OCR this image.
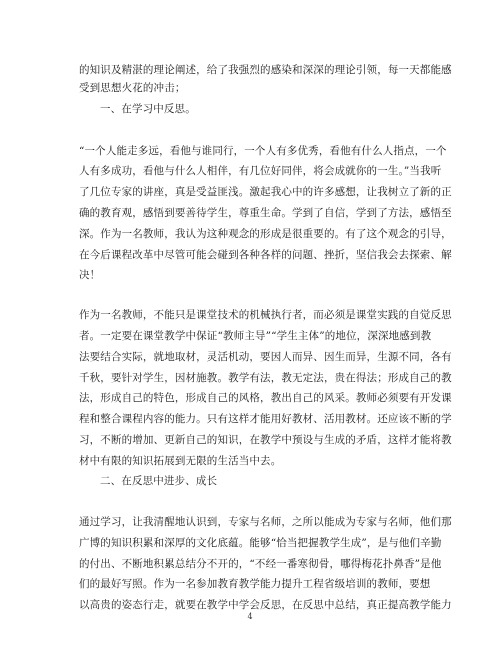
的知识及精湛的理论阐述，给了我强烈的感染和深深的理论引领，每一天都能感
受到思想火花的冲击；
一、在学习中反思。
“一个人能走多远，看他与谁同行，一个人有多优秀，看他有什么人指点，一个
人有多成功，看他与什么人相伴，有几位好同伴，将会成就你的一生。”当我听
了几位专家的讲座，真是受益匪浅。激起我心中的许多感想，让我树立了新的正
确的教育观，感悟到要善待学生，尊重生命。学到了自信，学到了方法，感悟至
深。作为一名教师，我认为这种观念的形成是很重要的。有了这个观念的引导，
在今后课程改革中尽管可能会碰到各种各样的问题、挫折，坚信我会去探索、解
决！
作为一名教师，不能只是课堂技术的机械执行者，而必须是课堂实践的自觉反思
者。一定要在课堂教学中保证“教师主导”“学生主体”的地位，深深地感到教
法要结合实际，就地取材，灵活机动，要因人而异、因生而异，生源不同，各有
千秋，要针对学生，因材施教。教学有法，教无定法，贵在得法；形成自己的教
法，形成自己的特色，形成自己的风格，教出自己的风采。教师必须要有开发课
程和整合课程内容的能力。只有这样才能用好教材、活用教材。还应该不断的学
习，不断的增加、更新自己的知识，在教学中预设与生成的矛盾，这样才能将教
材中有限的知识拓展到无限的生活当中去。
二、在反思中进步、成长
通过学习，让我清醒地认识到，专家与名师，之所以能成为专家与名师，他们那
广博的知识积累和深厚的文化底蕴。能够“恰当把握教学生成”，是与他们辛勤
的付出、不断地积累总结分不开的，“不经一番寒彻骨，哪得梅花扑鼻香”是他
们的最好写照。作为一名参加教育教学能力提升工程省级培训的教师，要想
以高贵的姿态行走，就要在教学中学会反思，在反思中总结，真正提高教学能力
4
